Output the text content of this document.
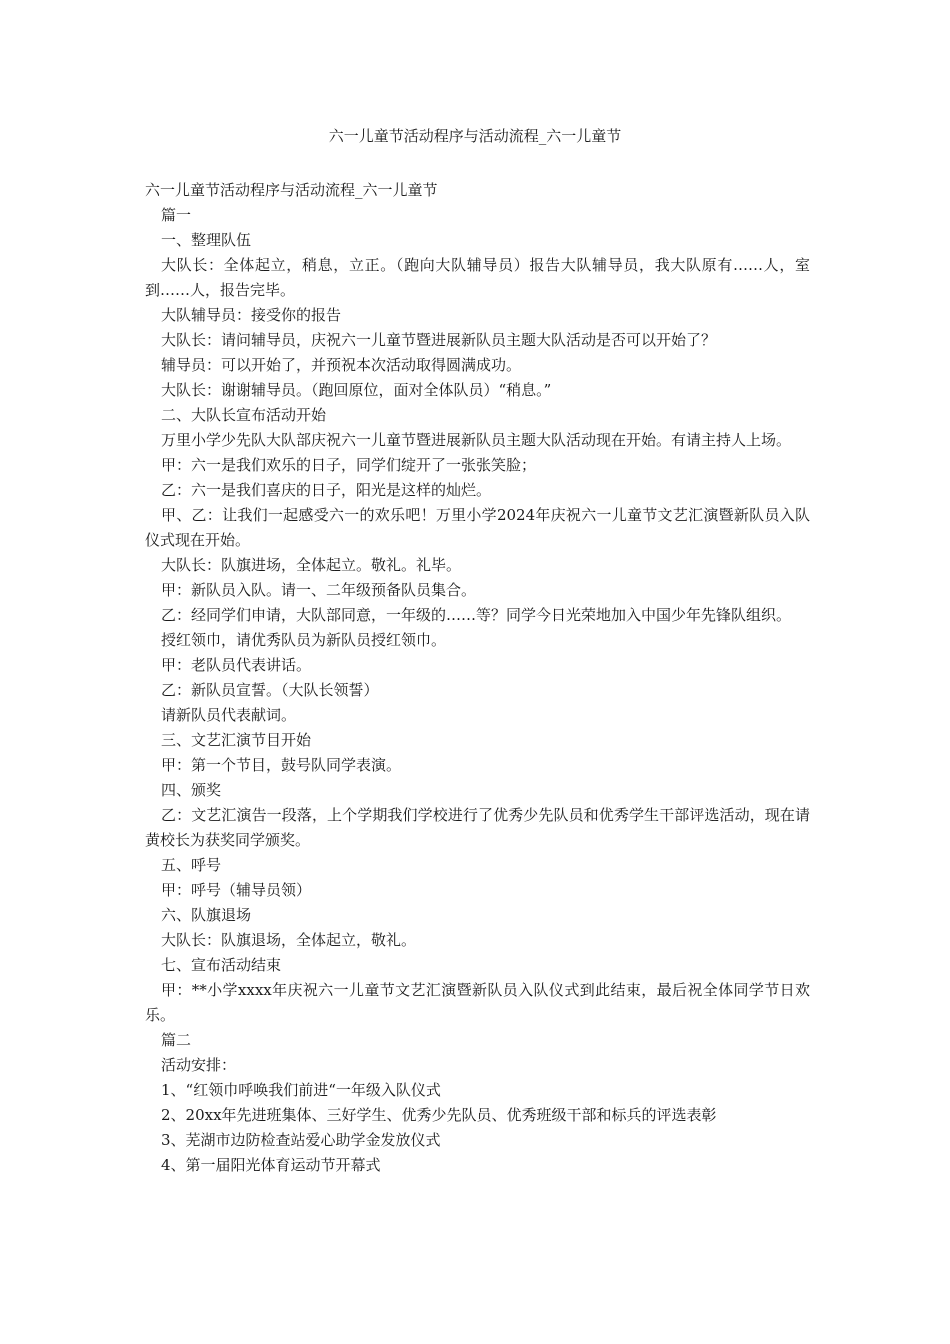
六一儿童节活动程序与活动流程_六一儿童节

六一儿童节活动程序与活动流程_六一儿童节

篇一

一、整理队伍

大队长：全体起立，稍息，立正。（跑向大队辅导员）报告大队辅导员，我大队原有……人，室到……人，报告完毕。

大队辅导员：接受你的报告

大队长：请问辅导员，庆祝六一儿童节暨进展新队员主题大队活动是否可以开始了？

辅导员：可以开始了，并预祝本次活动取得圆满成功。

大队长：谢谢辅导员。（跑回原位，面对全体队员）“稍息。”

二、大队长宣布活动开始

万里小学少先队大队部庆祝六一儿童节暨进展新队员主题大队活动现在开始。有请主持人上场。

甲：六一是我们欢乐的日子，同学们绽开了一张张笑脸；

乙：六一是我们喜庆的日子，阳光是这样的灿烂。

甲、乙：让我们一起感受六一的欢乐吧！万里小学2024年庆祝六一儿童节文艺汇演暨新队员入队仪式现在开始。

大队长：队旗进场，全体起立。敬礼。礼毕。

甲：新队员入队。请一、二年级预备队员集合。

乙：经同学们申请，大队部同意，一年级的……等？同学今日光荣地加入中国少年先锋队组织。

授红领巾，请优秀队员为新队员授红领巾。

甲：老队员代表讲话。

乙：新队员宣誓。（大队长领誓）

请新队员代表献词。

三、文艺汇演节目开始

甲：第一个节目，鼓号队同学表演。

四、颁奖

乙：文艺汇演告一段落，上个学期我们学校进行了优秀少先队员和优秀学生干部评选活动，现在请黄校长为获奖同学颁奖。

五、呼号

甲：呼号（辅导员领）

六、队旗退场

大队长：队旗退场，全体起立，敬礼。

七、宣布活动结束

甲：**小学xxxx年庆祝六一儿童节文艺汇演暨新队员入队仪式到此结束，最后祝全体同学节日欢乐。

篇二

活动安排：

1、“红领巾呼唤我们前进“一年级入队仪式

2、20xx年先进班集体、三好学生、优秀少先队员、优秀班级干部和标兵的评选表彰

3、芜湖市边防检查站爱心助学金发放仪式

4、第一届阳光体育运动节开幕式
